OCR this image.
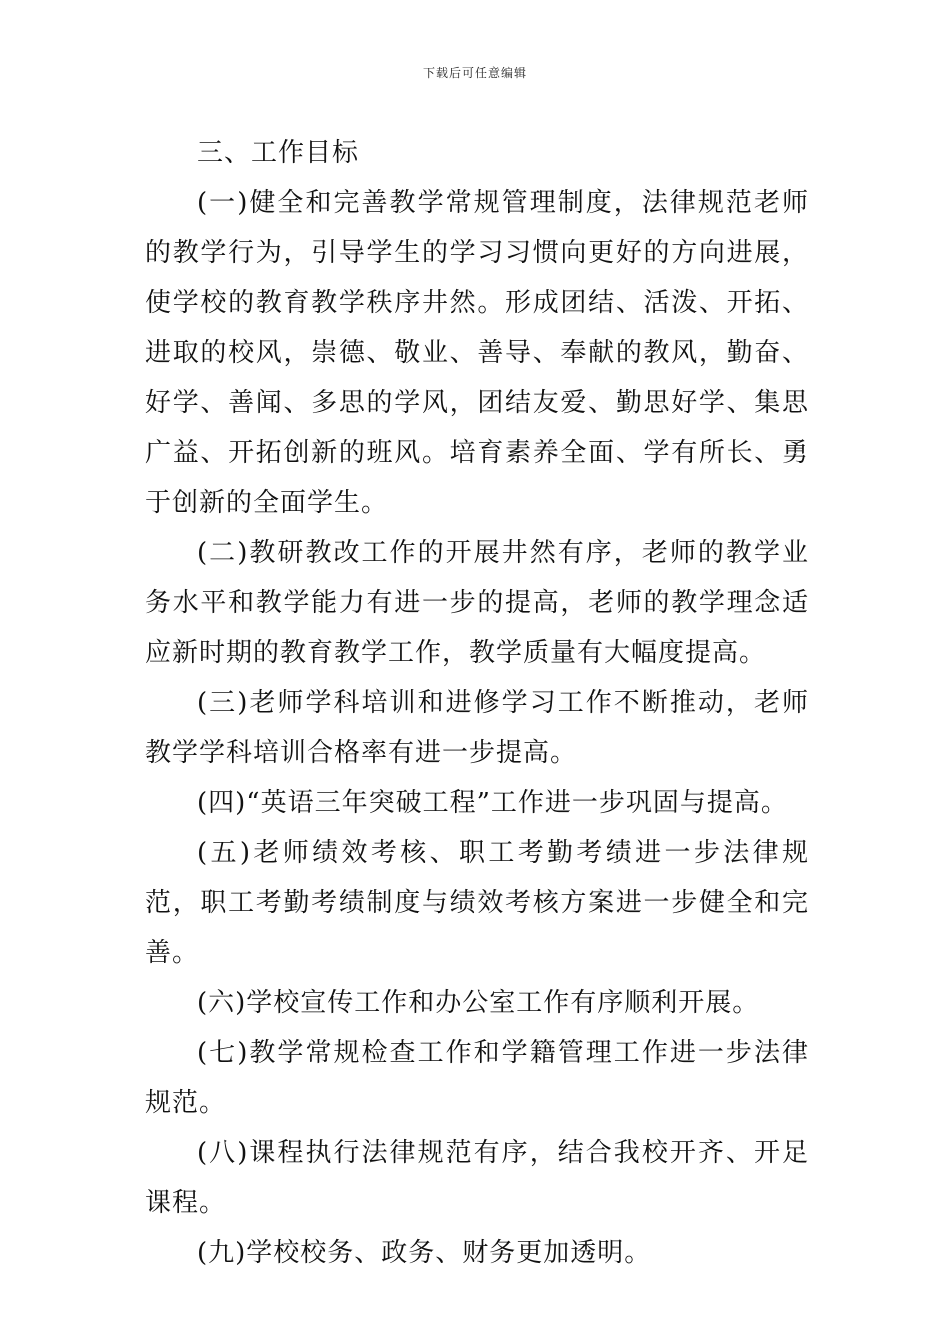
下载后可任意编辑

三、工作目标

(一)健全和完善教学常规管理制度，法律规范老师的教学行为，引导学生的学习习惯向更好的方向进展，使学校的教育教学秩序井然。形成团结、活泼、开拓、进取的校风，崇德、敬业、善导、奉献的教风，勤奋、好学、善闻、多思的学风，团结友爱、勤思好学、集思广益、开拓创新的班风。培育素养全面、学有所长、勇于创新的全面学生。

(二)教研教改工作的开展井然有序，老师的教学业务水平和教学能力有进一步的提高，老师的教学理念适应新时期的教育教学工作，教学质量有大幅度提高。

(三)老师学科培训和进修学习工作不断推动，老师教学学科培训合格率有进一步提高。

(四)“英语三年突破工程”工作进一步巩固与提高。

(五)老师绩效考核、职工考勤考绩进一步法律规范，职工考勤考绩制度与绩效考核方案进一步健全和完善。

(六)学校宣传工作和办公室工作有序顺利开展。

(七)教学常规检查工作和学籍管理工作进一步法律规范。

(八)课程执行法律规范有序，结合我校开齐、开足课程。

(九)学校校务、政务、财务更加透明。
